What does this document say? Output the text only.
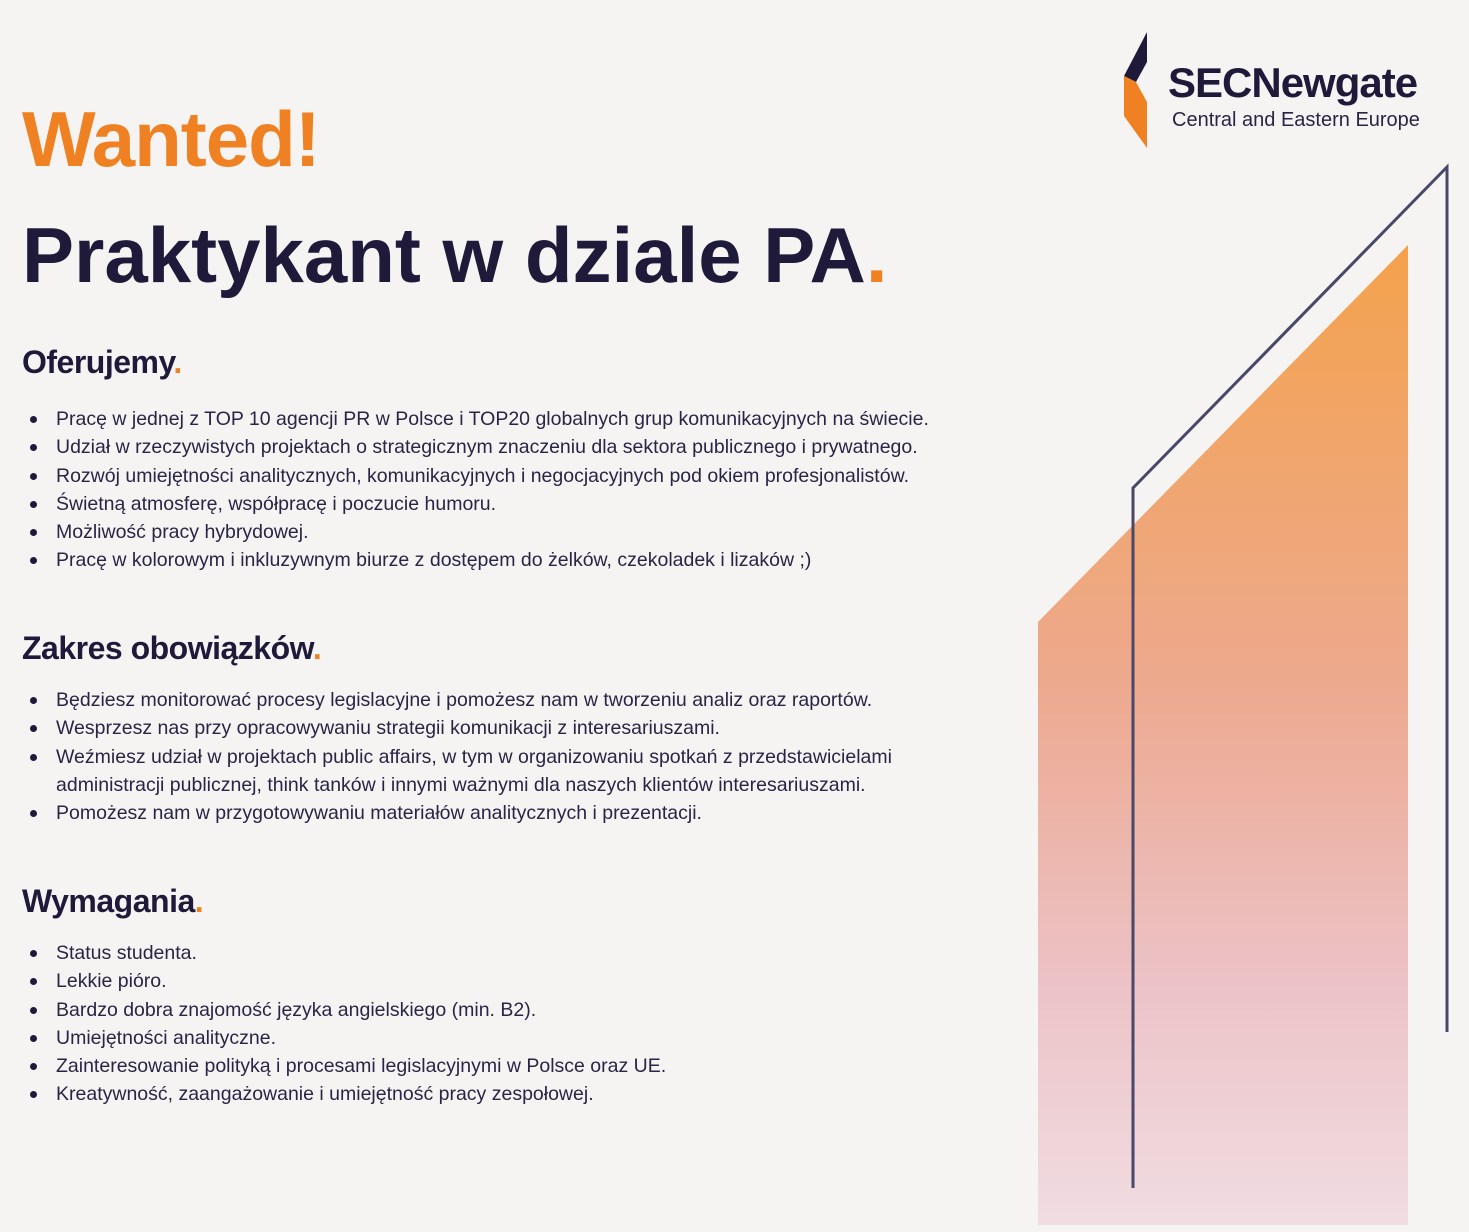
SECNewgate
Central and Eastern Europe
Wanted!
Praktykant w dziale PA.
Oferujemy.
Pracę w jednej z TOP 10 agencji PR w Polsce i TOP20 globalnych grup komunikacyjnych na świecie.
Udział w rzeczywistych projektach o strategicznym znaczeniu dla sektora publicznego i prywatnego.
Rozwój umiejętności analitycznych, komunikacyjnych i negocjacyjnych pod okiem profesjonalistów.
Świetną atmosferę, współpracę i poczucie humoru.
Możliwość pracy hybrydowej.
Pracę w kolorowym i inkluzywnym biurze z dostępem do żelków, czekoladek i lizaków ;)
Zakres obowiązków.
Będziesz monitorować procesy legislacyjne i pomożesz nam w tworzeniu analiz oraz raportów.
Wesprzesz nas przy opracowywaniu strategii komunikacji z interesariuszami.
Weźmiesz udział w projektach public affairs, w tym w organizowaniu spotkań z przedstawicielami administracji publicznej, think tanków i innymi ważnymi dla naszych klientów interesariuszami.
Pomożesz nam w przygotowywaniu materiałów analitycznych i prezentacji.
Wymagania.
Status studenta.
Lekkie pióro.
Bardzo dobra znajomość języka angielskiego (min. B2).
Umiejętności analityczne.
Zainteresowanie polityką i procesami legislacyjnymi w Polsce oraz UE.
Kreatywność, zaangażowanie i umiejętność pracy zespołowej.
